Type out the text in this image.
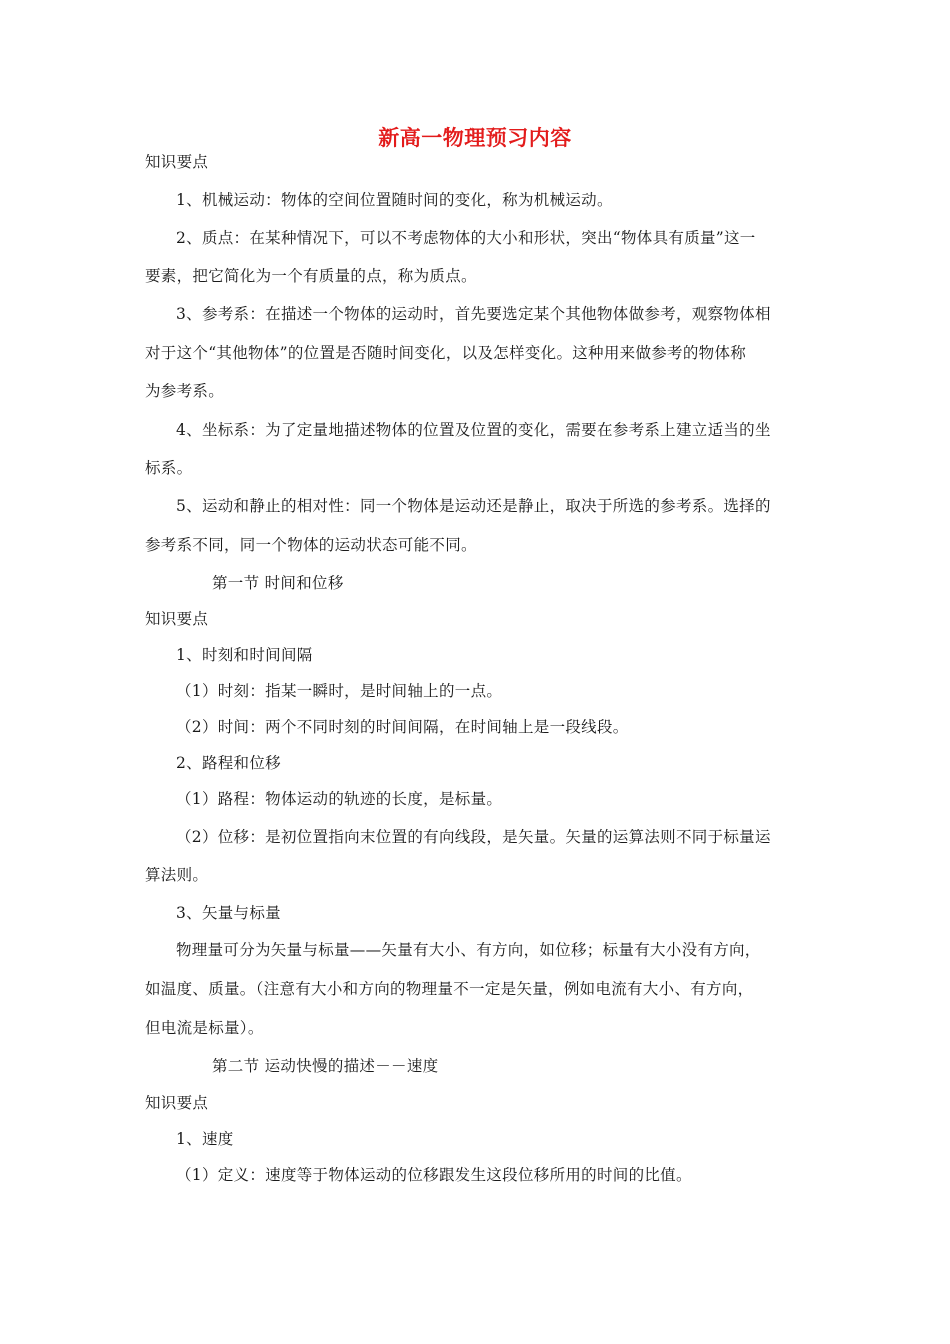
新高一物理预习内容
知识要点
1、机械运动：物体的空间位置随时间的变化，称为机械运动。
2、质点：在某种情况下，可以不考虑物体的大小和形状，突出“物体具有质量”这一
要素，把它简化为一个有质量的点，称为质点。
3、参考系：在描述一个物体的运动时，首先要选定某个其他物体做参考，观察物体相
对于这个“其他物体”的位置是否随时间变化，以及怎样变化。这种用来做参考的物体称
为参考系。
4、坐标系：为了定量地描述物体的位置及位置的变化，需要在参考系上建立适当的坐
标系。
5、运动和静止的相对性：同一个物体是运动还是静止，取决于所选的参考系。选择的
参考系不同，同一个物体的运动状态可能不同。
第一节 时间和位移
知识要点
1、时刻和时间间隔
（1）时刻：指某一瞬时，是时间轴上的一点。
（2）时间：两个不同时刻的时间间隔，在时间轴上是一段线段。
2、路程和位移
（1）路程：物体运动的轨迹的长度，是标量。
（2）位移：是初位置指向末位置的有向线段，是矢量。矢量的运算法则不同于标量运
算法则。
3、矢量与标量
物理量可分为矢量与标量——矢量有大小、有方向，如位移；标量有大小没有方向，
如温度、质量。（注意有大小和方向的物理量不一定是矢量，例如电流有大小、有方向，
但电流是标量）。
第二节 运动快慢的描述－－速度
知识要点
1、速度
（1）定义：速度等于物体运动的位移跟发生这段位移所用的时间的比值。
